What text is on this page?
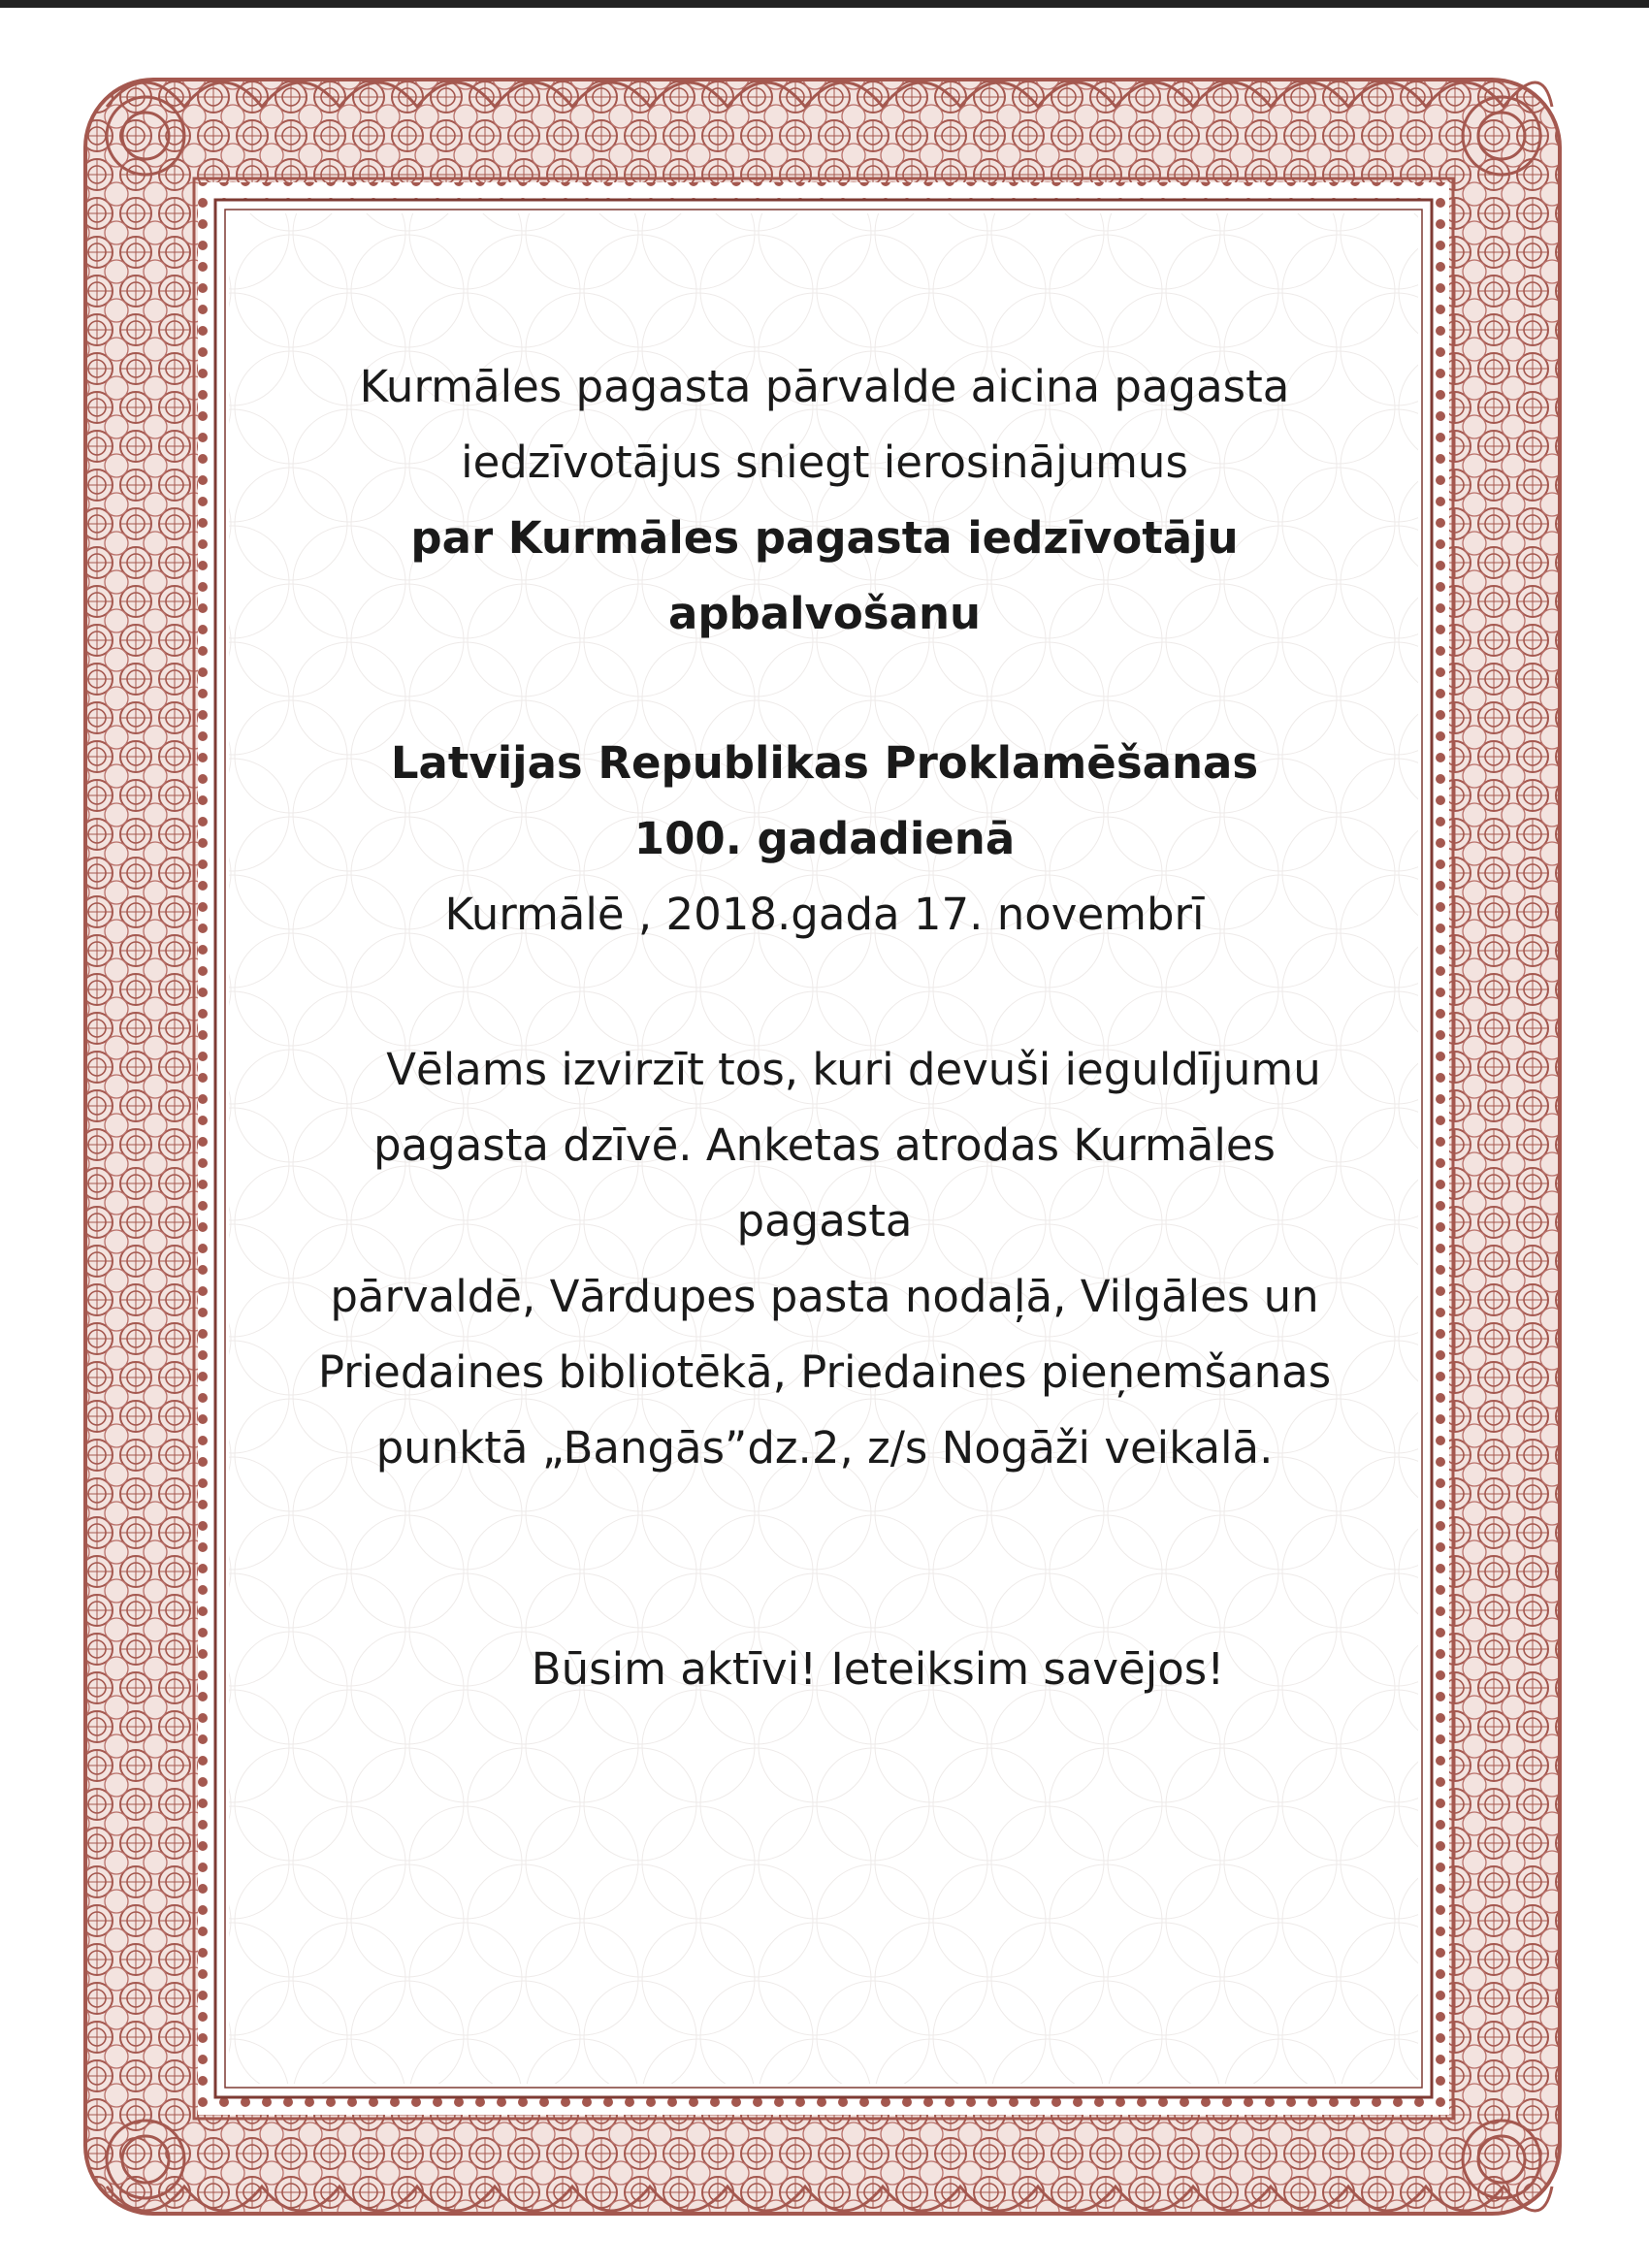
Kurmāles pagasta pārvalde aicina pagasta

iedzīvotājus sniegt ierosinājumus

par Kurmāles pagasta iedzīvotāju

apbalvošanu

Latvijas Republikas Proklamēšanas

100. gadadienā

Kurmālē , 2018.gada 17. novembrī

Vēlams izvirzīt tos, kuri devuši ieguldījumu

pagasta dzīvē. Anketas atrodas Kurmāles pagasta

pārvaldē, Vārdupes pasta nodaļā, Vilgāles un

Priedaines bibliotēkā, Priedaines pieņemšanas

punktā „Bangās”dz.2, z/s Nogāži veikalā.

Būsim aktīvi! Ieteiksim savējos!
